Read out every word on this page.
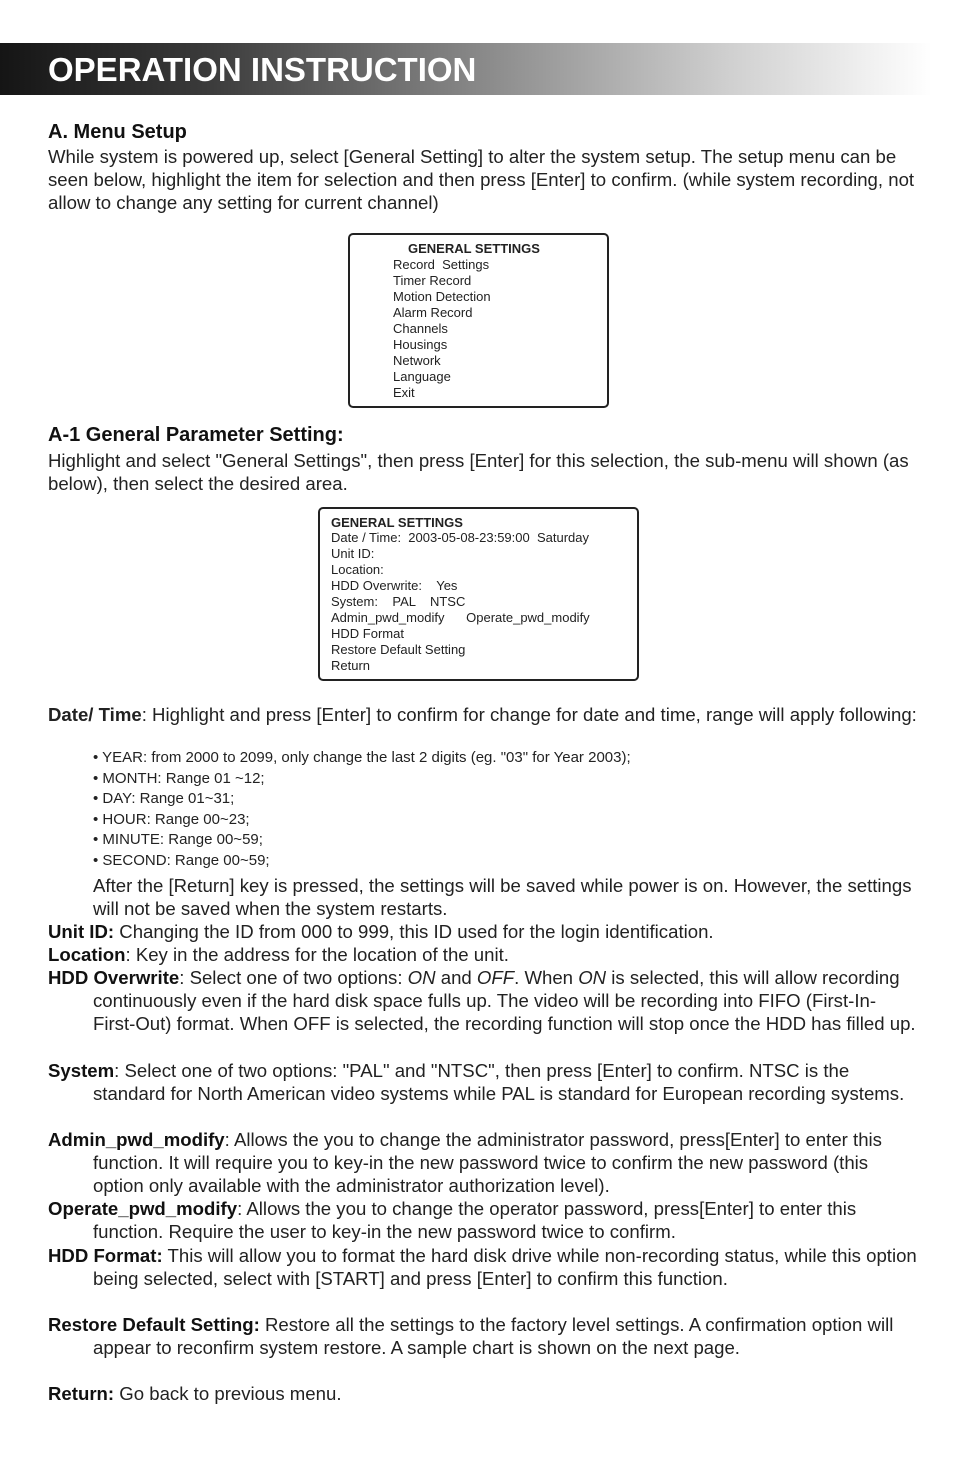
OPERATION INSTRUCTION
A. Menu Setup

While system is powered up, select [General Setting] to alter the system setup. The setup menu can be seen below, highlight the item for selection and then press [Enter] to confirm. (while system recording, not allow to change any setting for current channel)

GENERAL SETTINGS
Record  Settings
Timer Record
Motion Detection
Alarm Record
Channels
Housings
Network
Language
Exit
A-1 General Parameter Setting:

Highlight and select "General Settings", then press [Enter] for this selection, the sub-menu will shown (as below), then select the desired area.

GENERAL SETTINGS
Date / Time:  2003-05-08-23:59:00  Saturday
Unit ID:
Location:
HDD Overwrite:    Yes
System:    PAL    NTSC
Admin_pwd_modify      Operate_pwd_modify
HDD Format
Restore Default Setting
Return

Date/ Time: Highlight and press [Enter] to confirm for change for date and time, range will apply following:

• YEAR: from 2000 to 2099, only change the last 2 digits (eg. "03" for Year 2003);
• MONTH: Range 01 ~12;
• DAY: Range 01~31;
• HOUR: Range 00~23;
• MINUTE: Range 00~59;
• SECOND: Range 00~59;

After the [Return] key is pressed, the settings will be saved while power is on. However, the settings will not be saved when the system restarts.

Unit ID: Changing the ID from 000 to 999, this ID used for the login identification.

Location: Key in the address for the location of the unit.

HDD Overwrite: Select one of two options: ON and OFF. When ON is selected, this will allow recording continuously even if the hard disk space fulls up. The video will be recording into FIFO (First-In-First-Out) format. When OFF is selected, the recording function will stop once the HDD has filled up.

System: Select one of two options: "PAL" and "NTSC", then press [Enter] to confirm. NTSC is the standard for North American video systems while PAL is standard for European recording systems.

Admin_pwd_modify: Allows the you to change the administrator password, press[Enter] to enter this function. It will require you to key-in the new password twice to confirm the new password (this option only available with the administrator authorization level).

Operate_pwd_modify: Allows the you to change the operator password, press[Enter] to enter this function. Require the user to key-in the new password twice to confirm.

HDD Format: This will allow you to format the hard disk drive while non-recording status, while this option being selected, select with [START] and press [Enter] to confirm this function.

Restore Default Setting: Restore all the settings to the factory level settings. A confirmation option will appear to reconfirm system restore. A sample chart is shown on the next page.

Return: Go back to previous menu.
